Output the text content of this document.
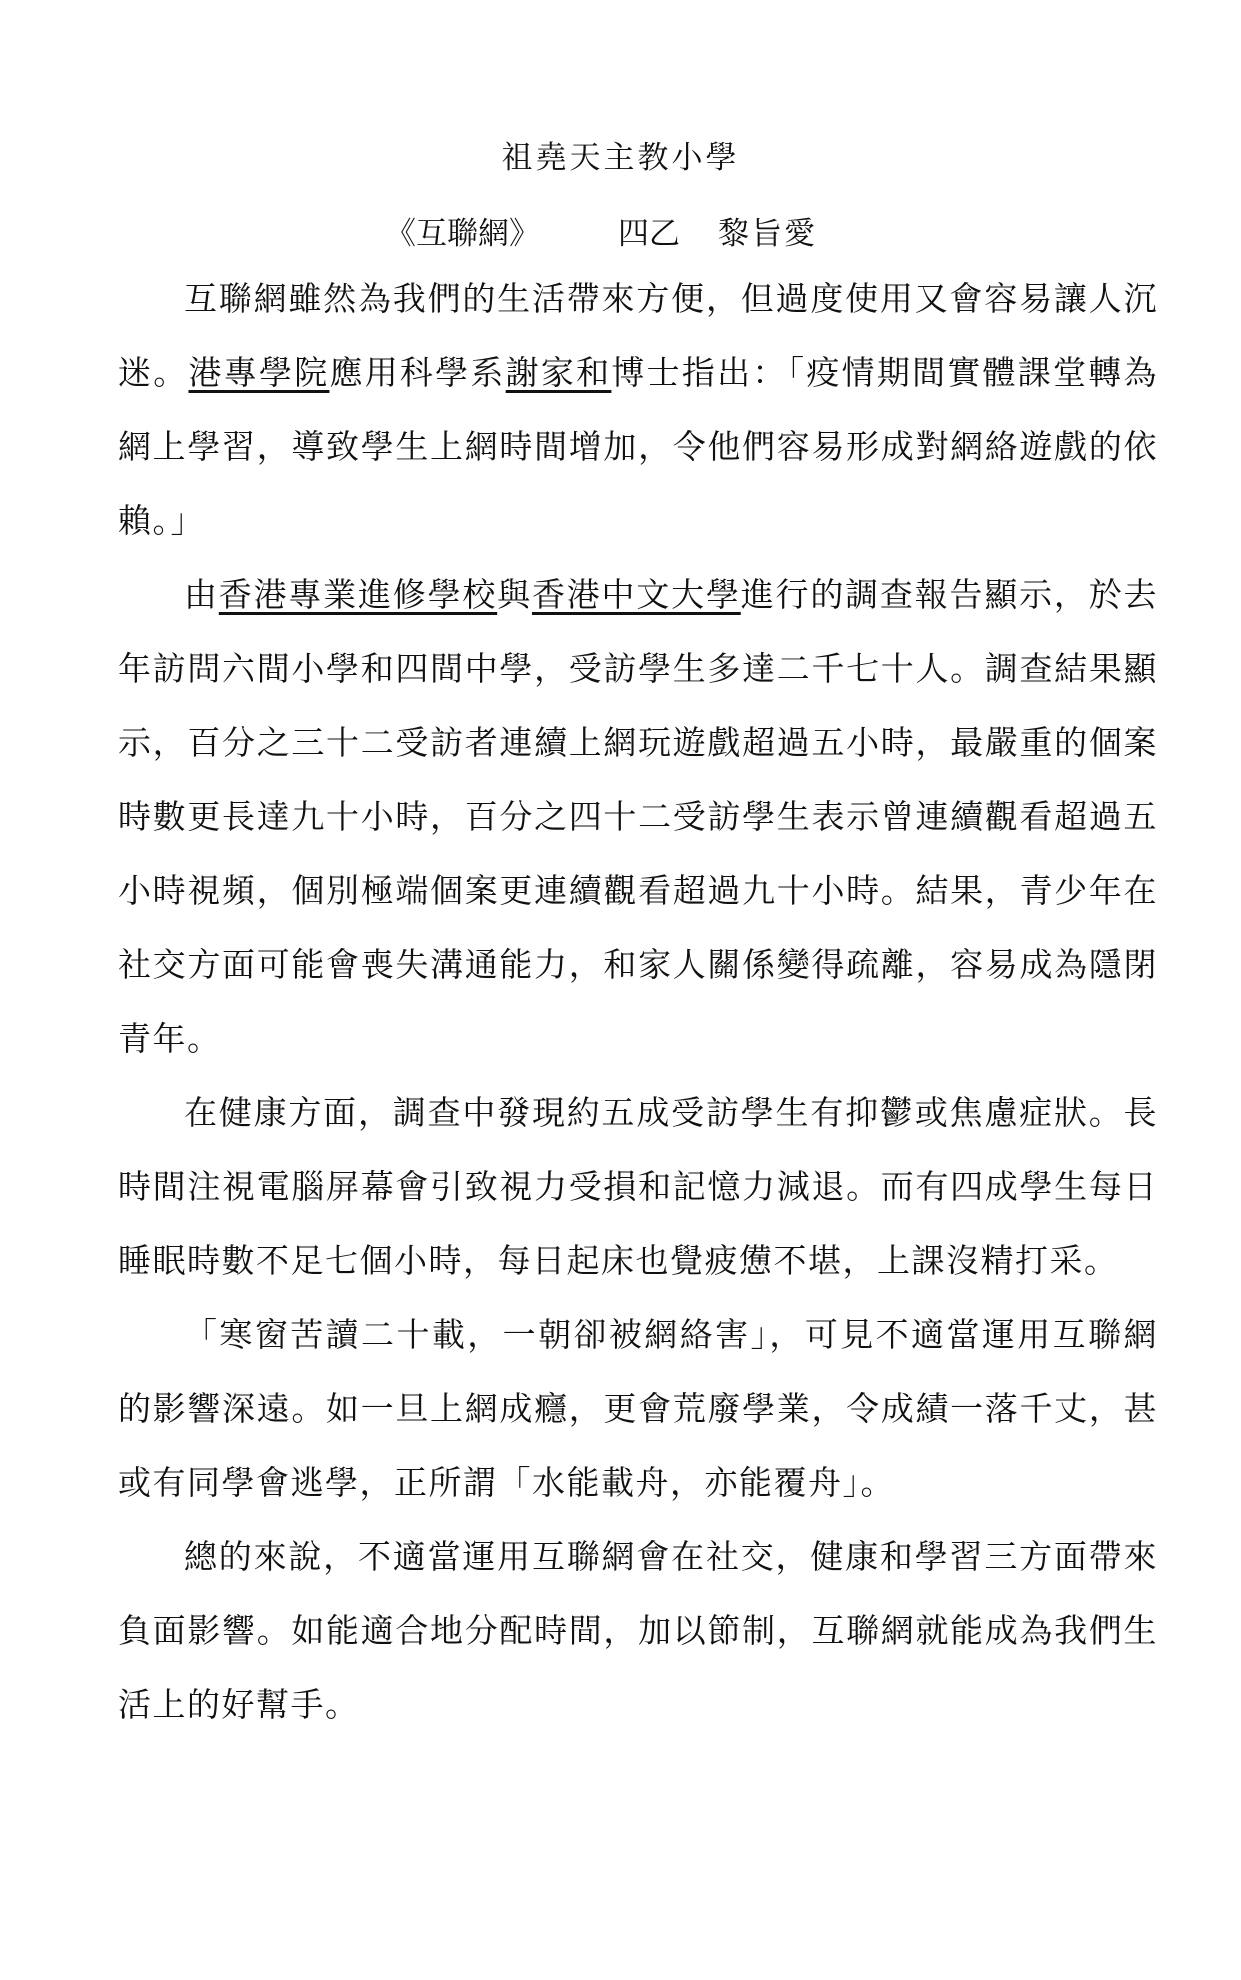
祖堯天主教小學
《互聯網》	四乙 黎旨愛

互聯網雖然為我們的生活帶來方便，但過度使用又會容易讓人沉迷。港專學院應用科學系謝家和博士指出：「疫情期間實體課堂轉為網上學習，導致學生上網時間增加，令他們容易形成對網絡遊戲的依賴。」

由香港專業進修學校與香港中文大學進行的調查報告顯示，於去年訪問六間小學和四間中學，受訪學生多達二千七十人。調查結果顯示，百分之三十二受訪者連續上網玩遊戲超過五小時，最嚴重的個案時數更長達九十小時，百分之四十二受訪學生表示曾連續觀看超過五小時視頻，個別極端個案更連續觀看超過九十小時。結果，青少年在社交方面可能會喪失溝通能力，和家人關係變得疏離，容易成為隱閉青年。

在健康方面，調查中發現約五成受訪學生有抑鬱或焦慮症狀。長時間注視電腦屏幕會引致視力受損和記憶力減退。而有四成學生每日睡眠時數不足七個小時，每日起床也覺疲憊不堪，上課沒精打采。

「寒窗苦讀二十載，一朝卻被網絡害」，可見不適當運用互聯網的影響深遠。如一旦上網成癮，更會荒廢學業，令成績一落千丈，甚或有同學會逃學，正所謂「水能載舟，亦能覆舟」。

總的來說，不適當運用互聯網會在社交，健康和學習三方面帶來負面影響。如能適合地分配時間，加以節制，互聯網就能成為我們生活上的好幫手。
